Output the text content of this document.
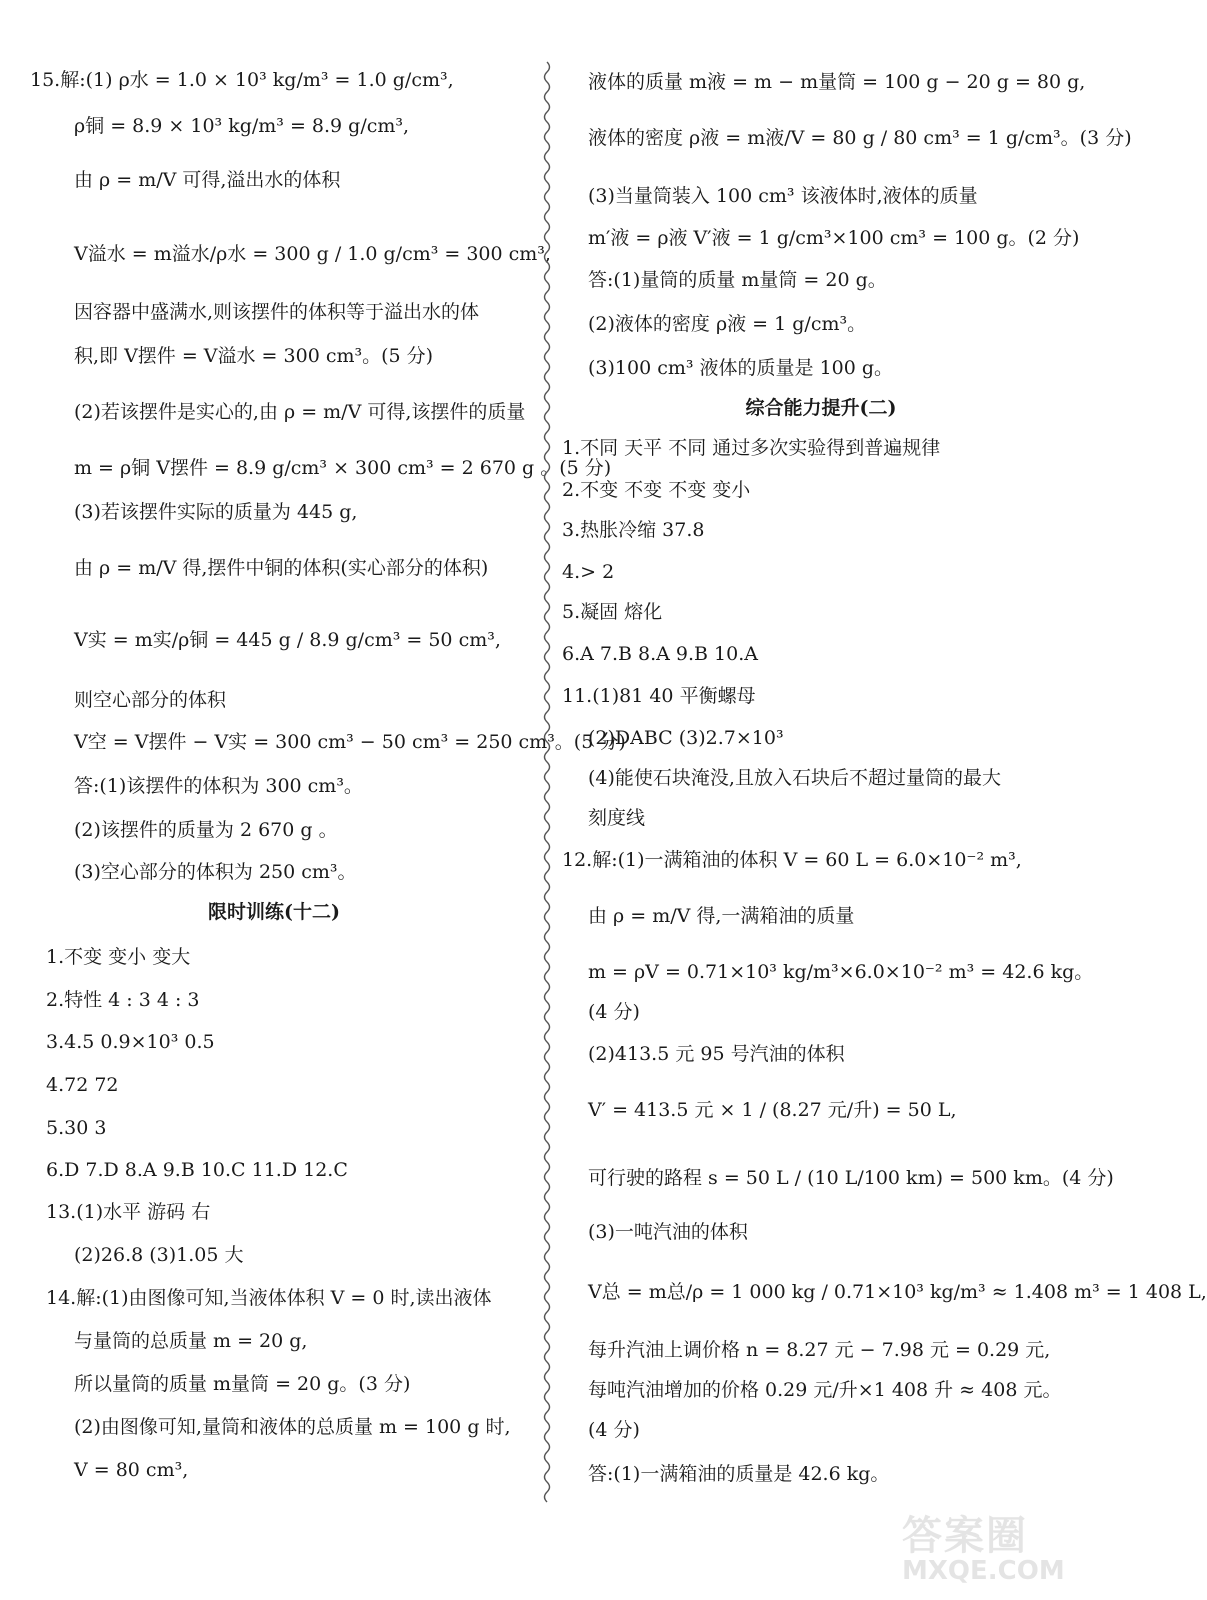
限时训练(十二)
15.解:(1) ρ水 = 1.0 × 10³ kg/m³ = 1.0 g/cm³,
ρ铜 = 8.9 × 10³ kg/m³ = 8.9 g/cm³,
由 ρ = m/V 可得,溢出水的体积
V溢水 = m溢水/ρ水 = 300 g / 1.0 g/cm³ = 300 cm³,
因容器中盛满水,则该摆件的体积等于溢出水的体
积,即 V摆件 = V溢水 = 300 cm³。(5 分)
(2)若该摆件是实心的,由 ρ = m/V 可得,该摆件的质量
m = ρ铜 V摆件 = 8.9 g/cm³ × 300 cm³ = 2 670 g 。(5 分)
(3)若该摆件实际的质量为 445 g,
由 ρ = m/V 得,摆件中铜的体积(实心部分的体积)
V实 = m实/ρ铜 = 445 g / 8.9 g/cm³ = 50 cm³,
则空心部分的体积
V空 = V摆件 − V实 = 300 cm³ − 50 cm³ = 250 cm³。(5 分)
答:(1)该摆件的体积为 300 cm³。
(2)该摆件的质量为 2 670 g 。
(3)空心部分的体积为 250 cm³。
1.不变 变小 变大
2.特性 4 : 3 4 : 3
3.4.5 0.9×10³ 0.5
4.72 72
5.30 3
6.D 7.D 8.A 9.B 10.C 11.D 12.C
13.(1)水平 游码 右
(2)26.8 (3)1.05 大
14.解:(1)由图像可知,当液体体积 V = 0 时,读出液体
与量筒的总质量 m = 20 g,
所以量筒的质量 m量筒 = 20 g。(3 分)
(2)由图像可知,量筒和液体的总质量 m = 100 g 时,
V = 80 cm³,
综合能力提升(二)
液体的质量 m液 = m − m量筒 = 100 g − 20 g = 80 g,
液体的密度 ρ液 = m液/V = 80 g / 80 cm³ = 1 g/cm³。(3 分)
(3)当量筒装入 100 cm³ 该液体时,液体的质量
m′液 = ρ液 V′液 = 1 g/cm³×100 cm³ = 100 g。(2 分)
答:(1)量筒的质量 m量筒 = 20 g。
(2)液体的密度 ρ液 = 1 g/cm³。
(3)100 cm³ 液体的质量是 100 g。
1.不同 天平 不同 通过多次实验得到普遍规律
2.不变 不变 不变 变小
3.热胀冷缩 37.8
4.> 2
5.凝固 熔化
6.A 7.B 8.A 9.B 10.A
11.(1)81 40 平衡螺母
(2)DABC (3)2.7×10³
(4)能使石块淹没,且放入石块后不超过量筒的最大
刻度线
12.解:(1)一满箱油的体积 V = 60 L = 6.0×10⁻² m³,
由 ρ = m/V 得,一满箱油的质量
m = ρV = 0.71×10³ kg/m³×6.0×10⁻² m³ = 42.6 kg。
(4 分)
(2)413.5 元 95 号汽油的体积
V′ = 413.5 元 × 1 / (8.27 元/升) = 50 L,
可行驶的路程 s = 50 L / (10 L/100 km) = 500 km。(4 分)
(3)一吨汽油的体积
V总 = m总/ρ = 1 000 kg / 0.71×10³ kg/m³ ≈ 1.408 m³ = 1 408 L,
每升汽油上调价格 n = 8.27 元 − 7.98 元 = 0.29 元,
每吨汽油增加的价格 0.29 元/升×1 408 升 ≈ 408 元。
(4 分)
答:(1)一满箱油的质量是 42.6 kg。
答案圈
MXQE.COM
